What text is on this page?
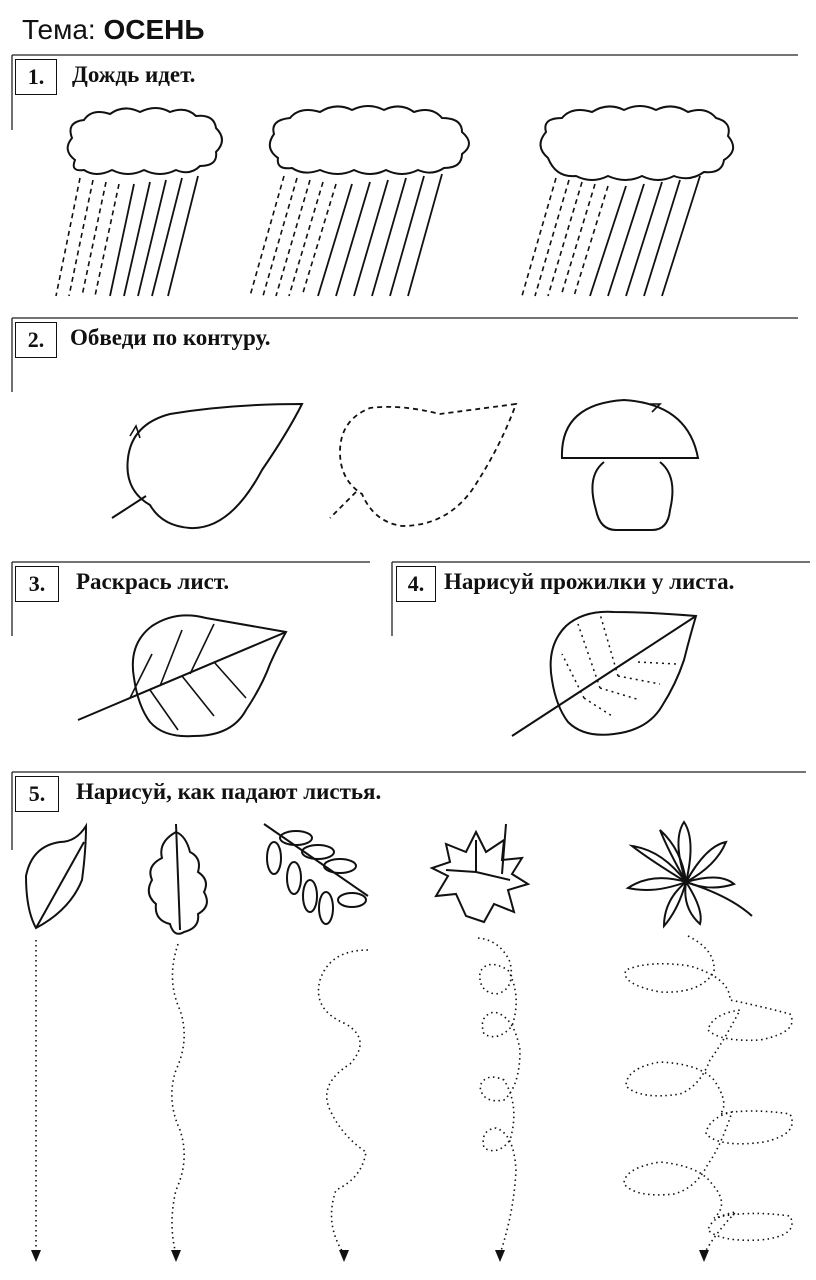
Тема: ОСЕНЬ
1.	Дождь идет.
2.	Обведи по контуру.
3.	Раскрась лист.	4. Нарисуй прожилки у листа.
5.	Нарисуй, как падают листья.
